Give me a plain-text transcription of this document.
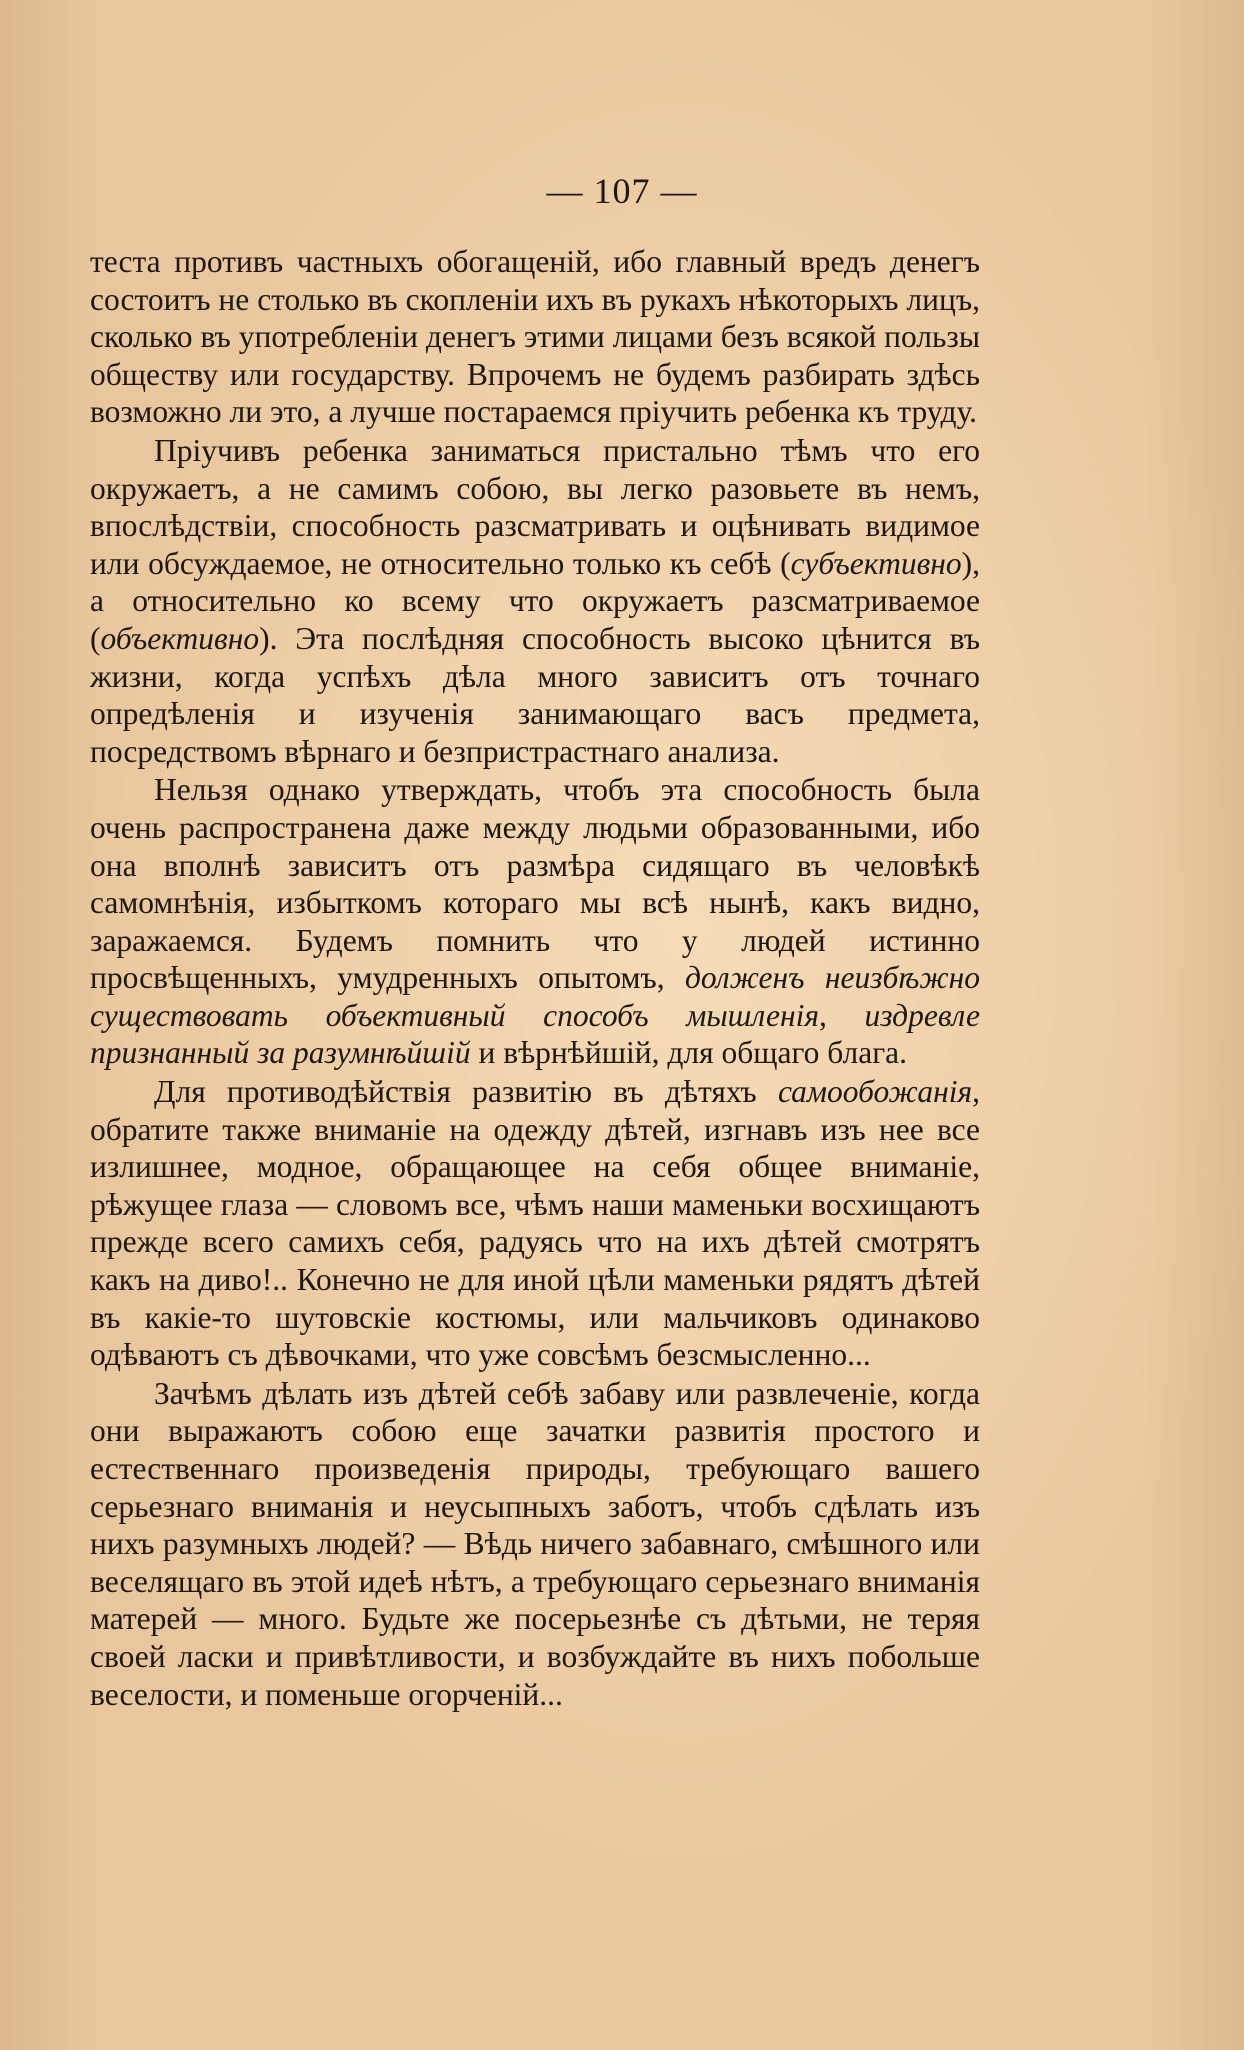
— 107 —

теста противъ частныхъ обогащенiй, ибо главный вредъ денегъ состоитъ не столько въ скопленiи ихъ въ рукахъ нѣкоторыхъ лицъ, сколько въ употребленiи денегъ этими лицами безъ всякой пользы обществу или государству. Впрочемъ не будемъ разбирать здѣсь возможно ли это, а лучше постараемся прiучить ребенка къ труду.

Прiучивъ ребенка заниматься пристально тѣмъ что его окружаетъ, а не самимъ собою, вы легко разовьете въ немъ, впослѣдствiи, способность разсматривать и оцѣнивать видимое или обсуждаемое, не относительно только къ себѣ (субъективно), а относительно ко всему что окружаетъ разсматриваемое (объективно). Эта послѣдняя способность высоко цѣнится въ жизни, когда успѣхъ дѣла много зависитъ отъ точнаго опредѣленiя и изученiя занимающаго васъ предмета, посредствомъ вѣрнаго и безпристрастнаго анализа.

Нельзя однако утверждать, чтобъ эта способность была очень распространена даже между людьми образованными, ибо она вполнѣ зависитъ отъ размѣра сидящаго въ человѣкѣ самомнѣнiя, избыткомъ котораго мы всѣ нынѣ, какъ видно, заражаемся. Будемъ помнить что у людей истинно просвѣщенныхъ, умудренныхъ опытомъ, долженъ неизбѣжно существовать объективный способъ мышленiя, издревле признанный за разумнѣйшiй и вѣрнѣйшiй, для общаго блага.

Для противодѣйствiя развитiю въ дѣтяхъ самообожанiя, обратите также вниманiе на одежду дѣтей, изгнавъ изъ нее все излишнее, модное, обращающее на себя общее вниманiе, рѣжущее глаза — словомъ все, чѣмъ наши маменьки восхищаютъ прежде всего самихъ себя, радуясь что на ихъ дѣтей смотрятъ какъ на диво!.. Конечно не для иной цѣли маменьки рядятъ дѣтей въ какiе-то шутовскiе костюмы, или мальчиковъ одинаково одѣваютъ съ дѣвочками, что уже совсѣмъ безсмысленно...

Зачѣмъ дѣлать изъ дѣтей себѣ забаву или развлеченiе, когда они выражаютъ собою еще зачатки развитiя простого и естественнаго произведенiя природы, требующаго вашего серьезнаго вниманiя и неусыпныхъ заботъ, чтобъ сдѣлать изъ нихъ разумныхъ людей? — Вѣдь ничего забавнаго, смѣшного или веселящаго въ этой идеѣ нѣтъ, а требующаго серьезнаго вниманiя матерей — много. Будьте же посерьезнѣе съ дѣтьми, не теряя своей ласки и привѣтливости, и возбуждайте въ нихъ побольше веселости, и поменьше огорченiй...
